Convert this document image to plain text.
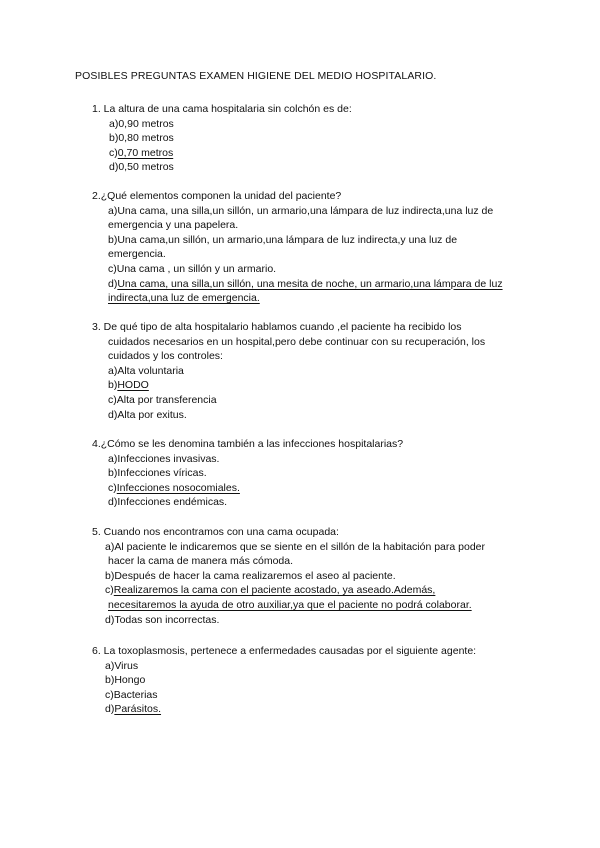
POSIBLES PREGUNTAS EXAMEN HIGIENE DEL MEDIO HOSPITALARIO.
1. La altura de una cama hospitalaria sin colchón es de:
a)0,90 metros
b)0,80 metros
c)0,70 metros
d)0,50 metros
2.¿Qué elementos componen la unidad del paciente?
a)Una cama, una silla,un sillón, un armario,una lámpara de luz indirecta,una luz de
emergencia y una papelera.
b)Una cama,un sillón, un armario,una lámpara de luz indirecta,y una luz de
emergencia.
c)Una cama , un sillón y un armario.
d)Una cama, una silla,un sillón, una mesita de noche, un armario,una lámpara de luz
indirecta,una luz de emergencia.
3. De qué tipo de alta hospitalario hablamos cuando ,el paciente ha recibido los
cuidados necesarios en un hospital,pero debe continuar con su recuperación, los
cuidados y los controles:
a)Alta voluntaria
b)HODO
c)Alta por transferencia
d)Alta por exitus.
4.¿Cómo se les denomina también a las infecciones hospitalarias?
a)Infecciones invasivas.
b)Infecciones víricas.
c)Infecciones nosocomiales.
d)Infecciones endémicas.
5. Cuando nos encontramos con una cama ocupada:
a)Al paciente le indicaremos que se siente en el sillón de la habitación para poder
hacer la cama de manera más cómoda.
b)Después de hacer la cama realizaremos el aseo al paciente.
c)Realizaremos la cama con el paciente acostado, ya aseado.Además,
necesitaremos la ayuda de otro auxiliar,ya que el paciente no podrá colaborar.
d)Todas son incorrectas.
6. La toxoplasmosis, pertenece a enfermedades causadas por el siguiente agente:
a)Virus
b)Hongo
c)Bacterias
d)Parásitos.
